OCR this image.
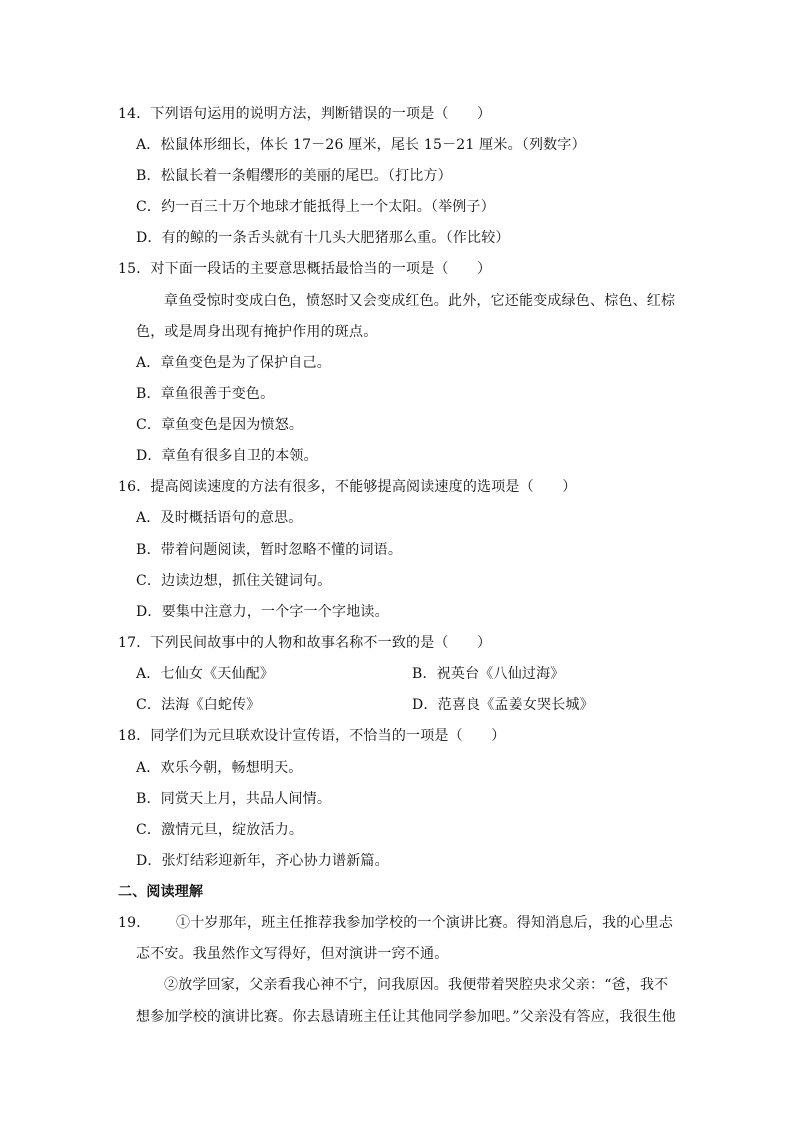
14．下列语句运用的说明方法，判断错误的一项是（　　）
A．松鼠体形细长，体长 17－26 厘米，尾长 15－21 厘米。（列数字）
B．松鼠长着一条帽缨形的美丽的尾巴。（打比方）
C．约一百三十万个地球才能抵得上一个太阳。（举例子）
D．有的鲸的一条舌头就有十几头大肥猪那么重。（作比较）
15．对下面一段话的主要意思概括最恰当的一项是（　　）
章鱼受惊时变成白色，愤怒时又会变成红色。此外，它还能变成绿色、棕色、红棕
色，或是周身出现有掩护作用的斑点。
A．章鱼变色是为了保护自己。
B．章鱼很善于变色。
C．章鱼变色是因为愤怒。
D．章鱼有很多自卫的本领。
16．提高阅读速度的方法有很多，不能够提高阅读速度的选项是（　　）
A．及时概括语句的意思。
B．带着问题阅读，暂时忽略不懂的词语。
C．边读边想，抓住关键词句。
D．要集中注意力，一个字一个字地读。
17．下列民间故事中的人物和故事名称不一致的是（　　）
A．七仙女《天仙配》	B．祝英台《八仙过海》
C．法海《白蛇传》	D．范喜良《孟姜女哭长城》
18．同学们为元旦联欢设计宣传语，不恰当的一项是（　　）
A．欢乐今朝，畅想明天。
B．同赏天上月，共品人间情。
C．激情元旦，绽放活力。
D．张灯结彩迎新年，齐心协力谱新篇。
二、阅读理解
19． ①十岁那年，班主任推荐我参加学校的一个演讲比赛。得知消息后，我的心里忐
忑不安。我虽然作文写得好，但对演讲一窍不通。
②放学回家，父亲看我心神不宁，问我原因。我便带着哭腔央求父亲：“爸，我不
想参加学校的演讲比赛。你去恳请班主任让其他同学参加吧。”父亲没有答应，我很生他
